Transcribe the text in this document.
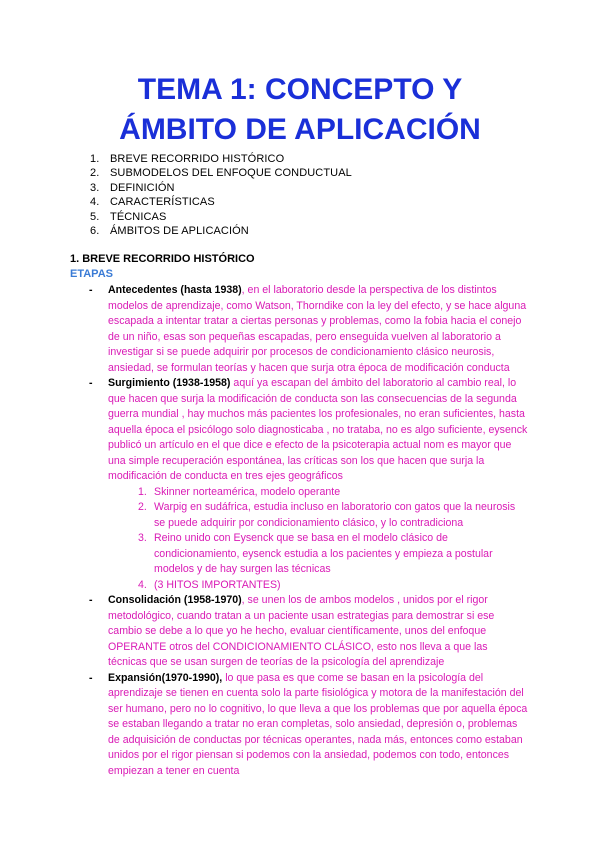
TEMA 1: CONCEPTO Y
ÁMBITO DE APLICACIÓN
1. BREVE RECORRIDO HISTÓRICO
2. SUBMODELOS DEL ENFOQUE CONDUCTUAL
3. DEFINICIÓN
4. CARACTERÍSTICAS
5. TÉCNICAS
6. ÁMBITOS DE APLICACIÓN

1. BREVE RECORRIDO HISTÓRICO

ETAPAS

- Antecedentes (hasta 1938), en el laboratorio desde la perspectiva de los distintos modelos de aprendizaje, como Watson, Thorndike con la ley del efecto, y se hace alguna escapada a intentar tratar a ciertas personas y problemas, como la fobia hacia el conejo de un niño, esas son pequeñas escapadas, pero enseguida vuelven al laboratorio a investigar si se puede adquirir por procesos de condicionamiento clásico neurosis, ansiedad, se formulan teorías y hacen que surja otra época de modificación conducta

- Surgimiento (1938-1958) aquí ya escapan del ámbito del laboratorio al cambio real, lo que hacen que surja la modificación de conducta son las consecuencias de la segunda guerra mundial , hay muchos más pacientes los profesionales, no eran suficientes, hasta aquella época el psicólogo solo diagnosticaba , no trataba, no es algo suficiente, eysenck publicó un artículo en el que dice e efecto de la psicoterapia actual nom es mayor que una simple recuperación espontánea, las críticas son los que hacen que surja la modificación de conducta en tres ejes geográficos
1. Skinner norteamérica, modelo operante
2. Warpig en sudáfrica, estudia incluso en laboratorio con gatos que la neurosis se puede adquirir por condicionamiento clásico, y lo contradiciona
3. Reino unido con Eysenck que se basa en el modelo clásico de condicionamiento, eysenck estudia a los pacientes y empieza a postular modelos y de hay surgen las técnicas
4. (3 HITOS IMPORTANTES)

- Consolidación (1958-1970), se unen los de ambos modelos , unidos por el rigor metodológico, cuando tratan a un paciente usan estrategias para demostrar si ese cambio se debe a lo que yo he hecho, evaluar científicamente, unos del enfoque OPERANTE otros del CONDICIONAMIENTO CLÁSICO, esto nos lleva a que las técnicas que se usan surgen de teorías de la psicología del aprendizaje

- Expansión(1970-1990), lo que pasa es que come se basan en la psicología del aprendizaje se tienen en cuenta solo la parte fisiológica y motora de la manifestación del ser humano, pero no lo cognitivo, lo que lleva a que los problemas que por aquella época se estaban llegando a tratar no eran completas, solo ansiedad, depresión o, problemas de adquisición de conductas por técnicas operantes, nada más, entonces como estaban unidos por el rigor piensan si podemos con la ansiedad, podemos con todo, entonces empiezan a tener en cuenta
